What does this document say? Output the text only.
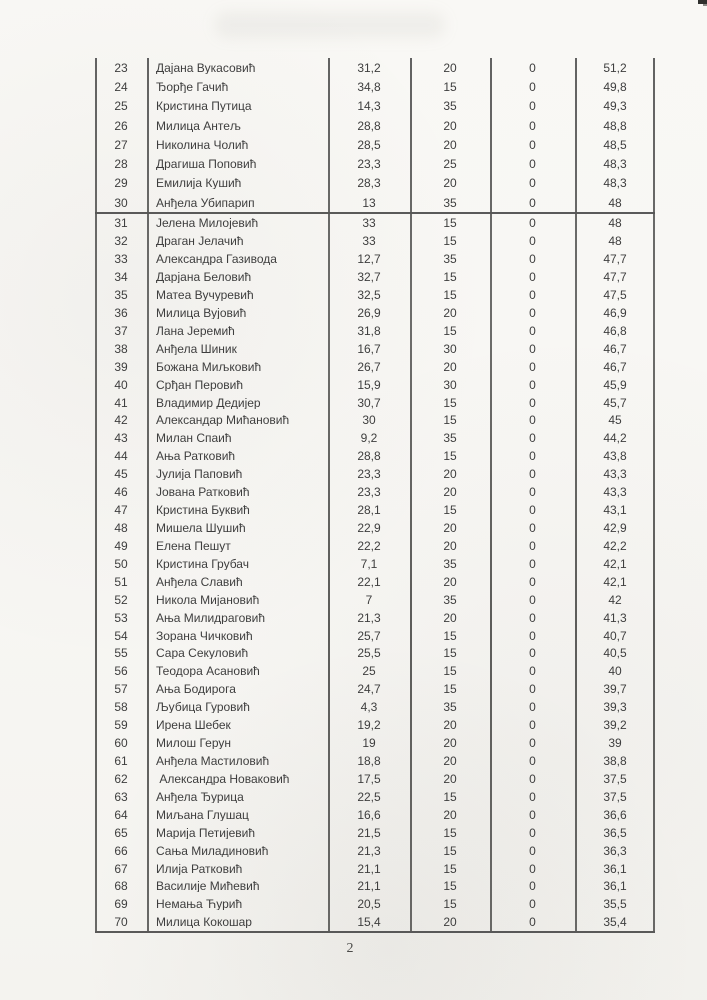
23	Дајана Вукасовић	31,2	20	0	51,2
24	Ђорђе Гачић	34,8	15	0	49,8
25	Кристина Путица	14,3	35	0	49,3
26	Милица Антељ	28,8	20	0	48,8
27	Николина Чолић	28,5	20	0	48,5
28	Драгиша Поповић	23,3	25	0	48,3
29	Емилија Кушић	28,3	20	0	48,3
30	Анђела Убипарип	13	35	0	48
31	Јелена Милојевић	33	15	0	48
32	Драган Јелачић	33	15	0	48
33	Александра Газивода	12,7	35	0	47,7
34	Дарјана Беловић	32,7	15	0	47,7
35	Матеа Вучуревић	32,5	15	0	47,5
36	Милица Вујовић	26,9	20	0	46,9
37	Лана Јеремић	31,8	15	0	46,8
38	Анђела Шиник	16,7	30	0	46,7
39	Божана Миљковић	26,7	20	0	46,7
40	Срђан Перовић	15,9	30	0	45,9
41	Владимир Дедијер	30,7	15	0	45,7
42	Александар Мићановић	30	15	0	45
43	Милан Спаић	9,2	35	0	44,2
44	Ања Ратковић	28,8	15	0	43,8
45	Јулија Паповић	23,3	20	0	43,3
46	Јована Ратковић	23,3	20	0	43,3
47	Кристина Буквић	28,1	15	0	43,1
48	Мишела Шушић	22,9	20	0	42,9
49	Елена Пешут	22,2	20	0	42,2
50	Кристина Грубач	7,1	35	0	42,1
51	Анђела Славић	22,1	20	0	42,1
52	Никола Мијановић	7	35	0	42
53	Ања Милидраговић	21,3	20	0	41,3
54	Зорана Чичковић	25,7	15	0	40,7
55	Сара Секуловић	25,5	15	0	40,5
56	Теодора Асановић	25	15	0	40
57	Ања Бодирога	24,7	15	0	39,7
58	Љубица Гуровић	4,3	35	0	39,3
59	Ирена Шебек	19,2	20	0	39,2
60	Милош Герун	19	20	0	39
61	Анђела Мастиловић	18,8	20	0	38,8
62	Александра Новаковић	17,5	20	0	37,5
63	Анђела Ђурица	22,5	15	0	37,5
64	Миљана Глушац	16,6	20	0	36,6
65	Марија Петијевић	21,5	15	0	36,5
66	Сања Миладиновић	21,3	15	0	36,3
67	Илија Ратковић	21,1	15	0	36,1
68	Василије Мићевић	21,1	15	0	36,1
69	Немања Ћурић	20,5	15	0	35,5
70	Милица Кокошар	15,4	20	0	35,4
2
